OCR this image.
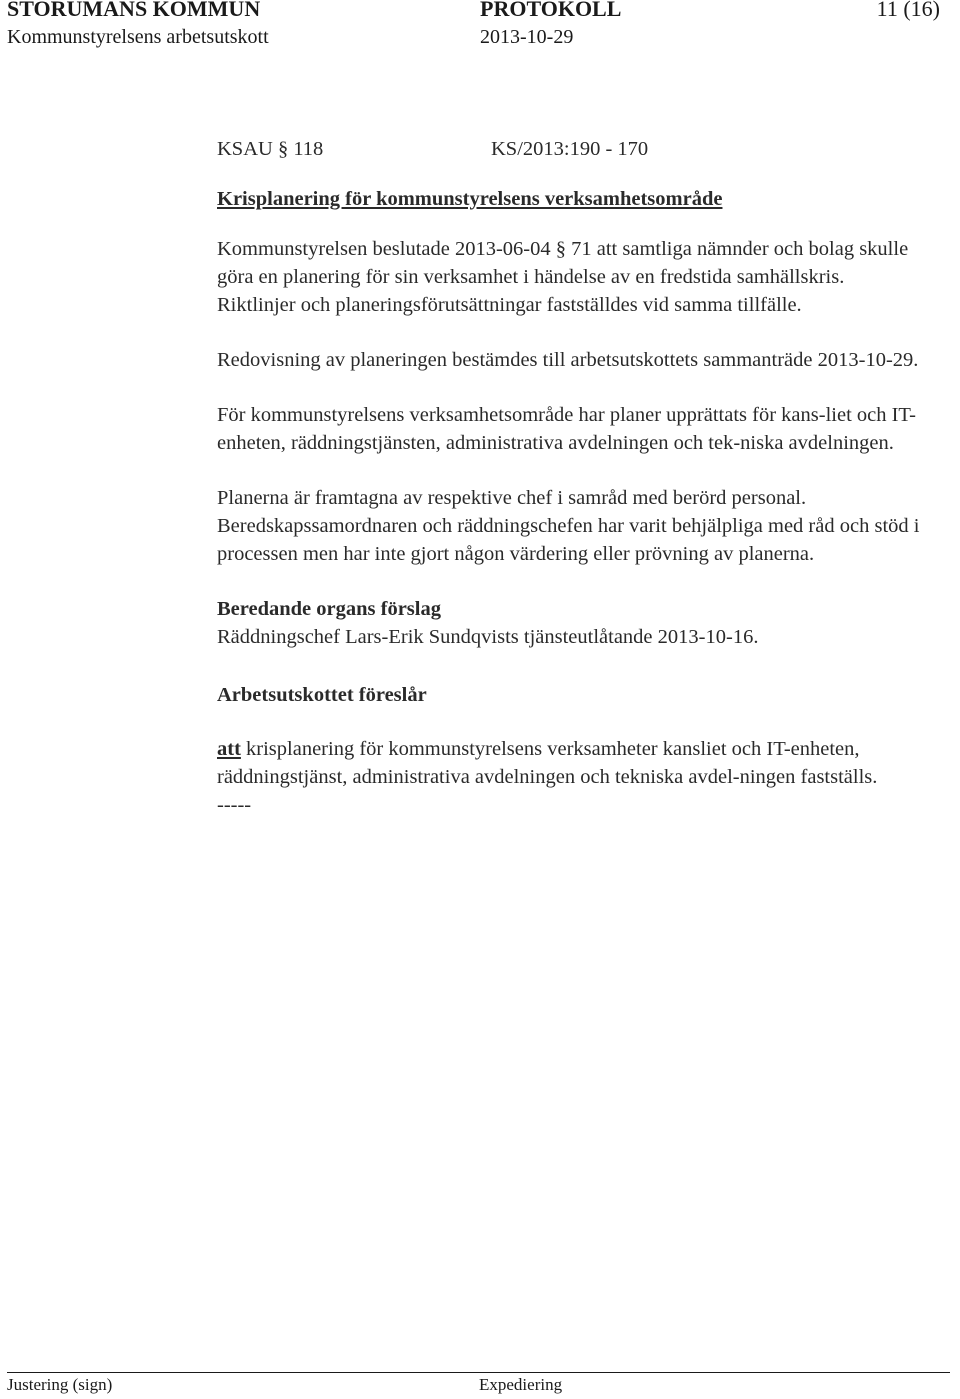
STORUMANS KOMMUN	PROTOKOLL	11 (16)
Kommunstyrelsens arbetsutskott	2013-10-29

KSAU § 118	KS/2013:190 - 170

Krisplanering för kommunstyrelsens verksamhetsområde

Kommunstyrelsen beslutade 2013-06-04 § 71 att samtliga nämnder och bolag skulle göra en planering för sin verksamhet i händelse av en fredstida samhällskris. Riktlinjer och planeringsförutsättningar fastställdes vid samma tillfälle.

Redovisning av planeringen bestämdes till arbetsutskottets sammanträde 2013-10-29.

För kommunstyrelsens verksamhetsområde har planer upprättats för kans-liet och IT-enheten, räddningstjänsten, administrativa avdelningen och tek-niska avdelningen.

Planerna är framtagna av respektive chef i samråd med berörd personal.

Beredskapssamordnaren och räddningschefen har varit behjälpliga med råd och stöd i processen men har inte gjort någon värdering eller prövning av planerna.

Beredande organs förslag

Räddningschef Lars-Erik Sundqvists tjänsteutlåtande 2013-10-16.

Arbetsutskottet föreslår

att krisplanering för kommunstyrelsens verksamheter kansliet och IT-enheten, räddningstjänst, administrativa avdelningen och tekniska avdel-ningen fastställs.

-----

Justering (sign)	Expediering
